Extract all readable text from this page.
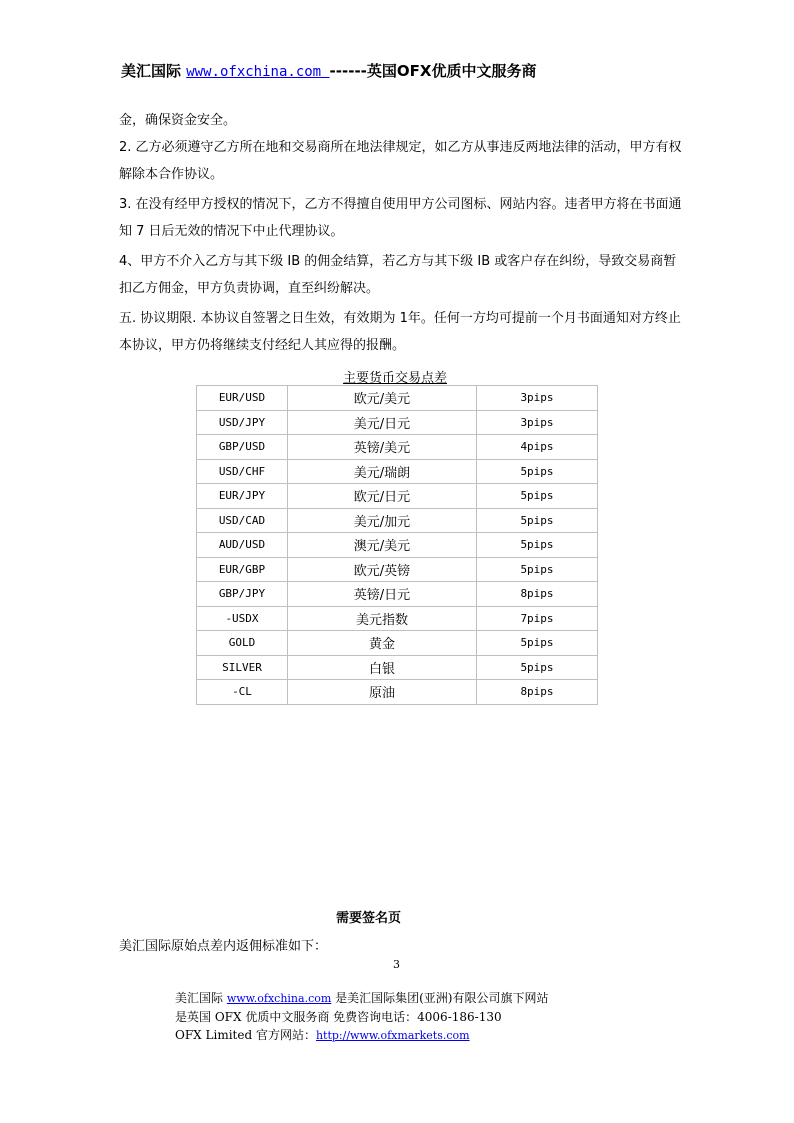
美汇国际 www.ofxchina.com ------英国OFX优质中文服务商
金，确保资金安全。
2. 乙方必须遵守乙方所在地和交易商所在地法律规定，如乙方从事违反两地法律的活动，甲方有权解除本合作协议。
3. 在没有经甲方授权的情况下，乙方不得擅自使用甲方公司图标、网站内容。违者甲方将在书面通知 7 日后无效的情况下中止代理协议。
4、甲方不介入乙方与其下级 IB 的佣金结算，若乙方与其下级 IB 或客户存在纠纷，导致交易商暂扣乙方佣金，甲方负责协调，直至纠纷解决。
五. 协议期限. 本协议自签署之日生效，有效期为 1年。任何一方均可提前一个月书面通知对方终止本协议，甲方仍将继续支付经纪人其应得的报酬。
主要货币交易点差
EUR/USD	欧元/美元	3pips
USD/JPY	美元/日元	3pips
GBP/USD	英镑/美元	4pips
USD/CHF	美元/瑞朗	5pips
EUR/JPY	欧元/日元	5pips
USD/CAD	美元/加元	5pips
AUD/USD	澳元/美元	5pips
EUR/GBP	欧元/英镑	5pips
GBP/JPY	英镑/日元	8pips
-USDX	美元指数	7pips
GOLD	黄金	5pips
SILVER	白银	5pips
-CL	原油	8pips
需要签名页
美汇国际原始点差内返佣标准如下：
3
美汇国际 www.ofxchina.com 是美汇国际集团(亚洲)有限公司旗下网站
是英国 OFX 优质中文服务商 免费咨询电话：4006-186-130
OFX Limited 官方网站：http://www.ofxmarkets.com
